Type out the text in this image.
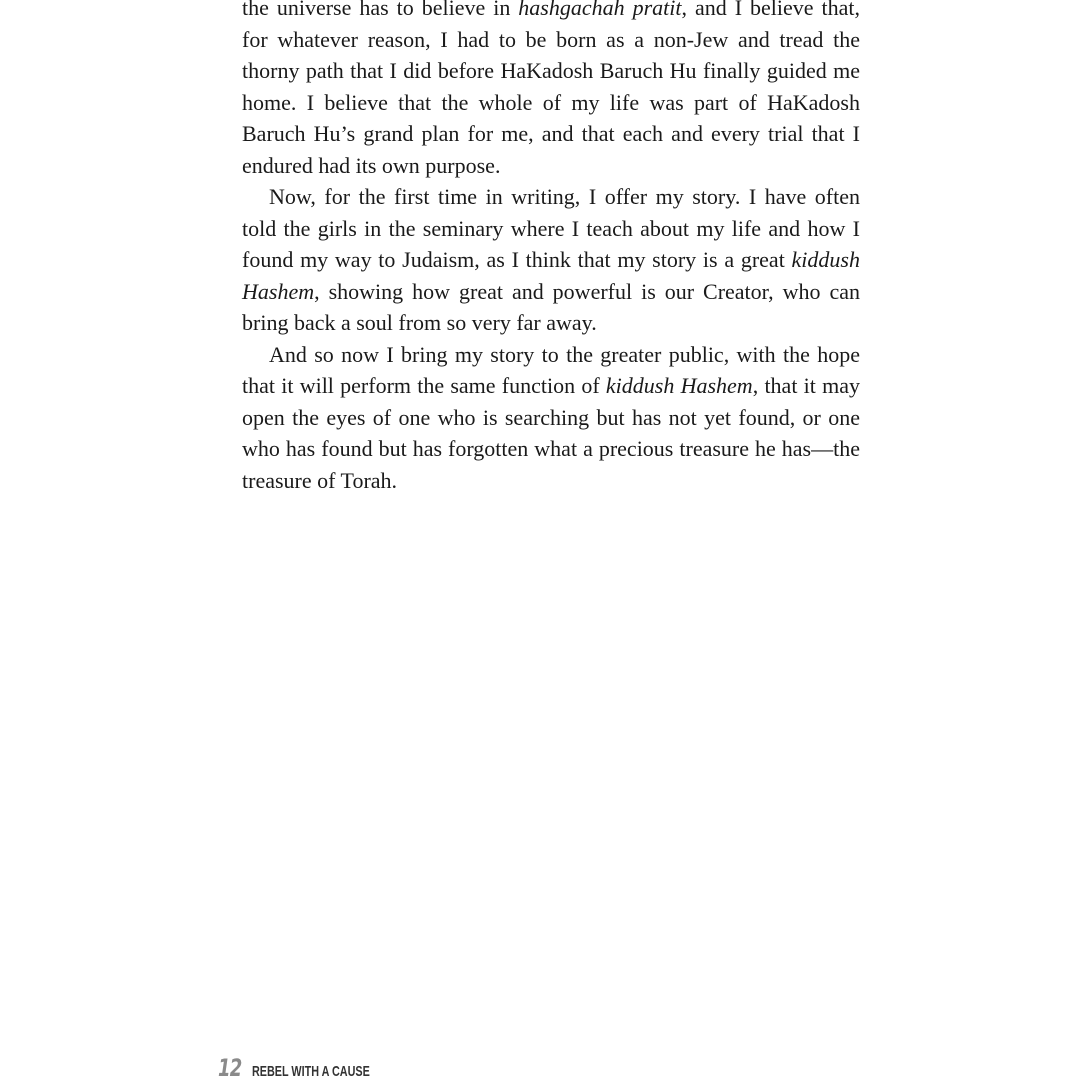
the universe has to believe in hashgachah pratit, and I believe that, for whatever reason, I had to be born as a non-Jew and tread the thorny path that I did before HaKadosh Baruch Hu finally guided me home. I believe that the whole of my life was part of HaKadosh Baruch Hu’s grand plan for me, and that each and every trial that I endured had its own purpose.

Now, for the first time in writing, I offer my story. I have often told the girls in the seminary where I teach about my life and how I found my way to Judaism, as I think that my story is a great kiddush Hashem, showing how great and powerful is our Creator, who can bring back a soul from so very far away.

And so now I bring my story to the greater public, with the hope that it will perform the same function of kiddush Hashem, that it may open the eyes of one who is searching but has not yet found, or one who has found but has forgotten what a precious treasure he has—the treasure of Torah.

12 REBEL WITH A CAUSE
